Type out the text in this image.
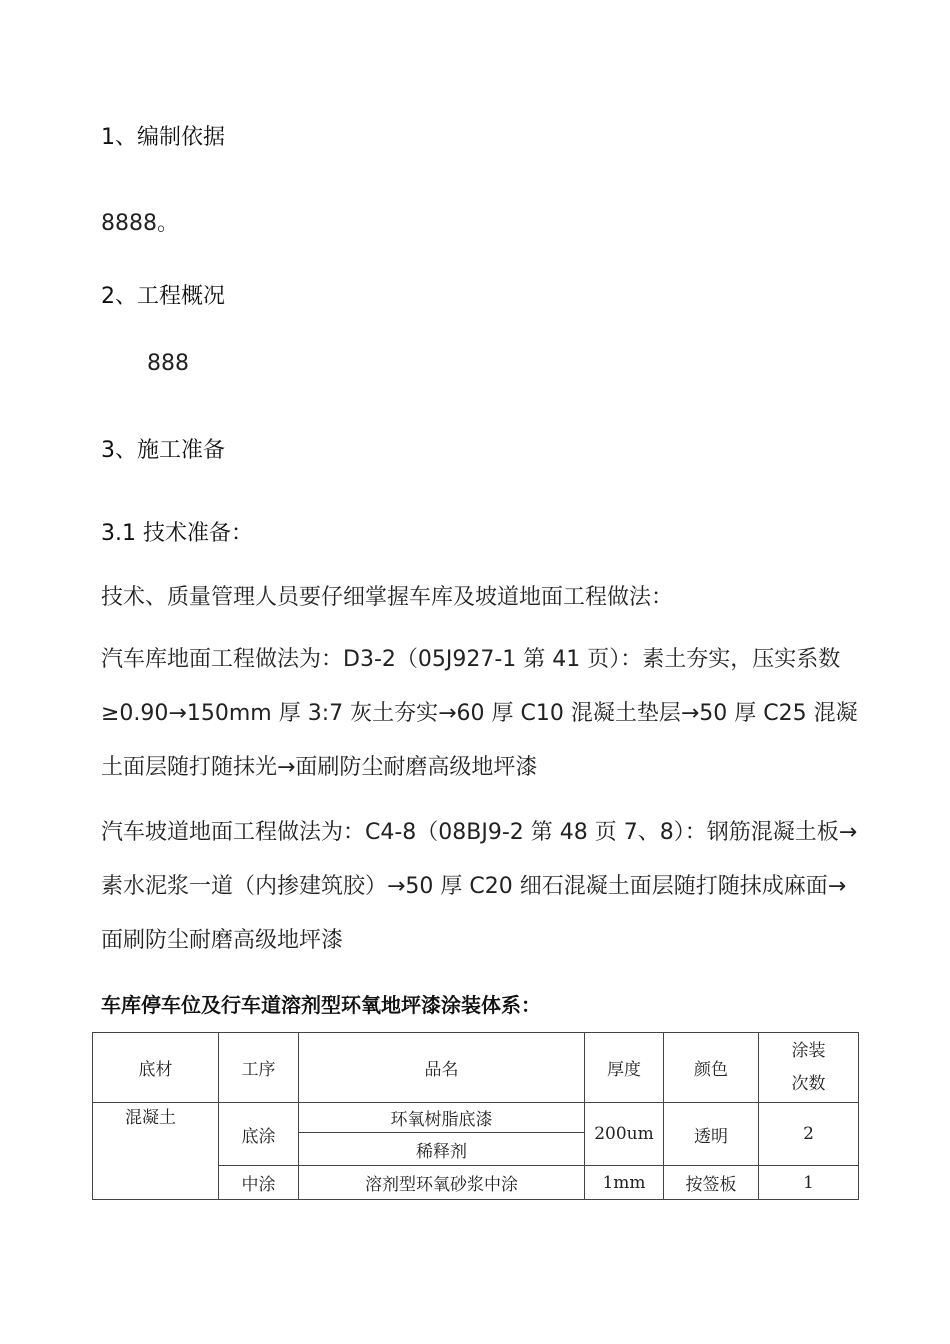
1、编制依据

8888。

2、工程概况

888

3、施工准备
3.1 技术准备：

技术、质量管理人员要仔细掌握车库及坡道地面工程做法：

汽车库地面工程做法为：D3-2（05J927-1 第 41 页）：素土夯实，压实系数≥0.90→150mm 厚 3:7 灰土夯实→60 厚 C10 混凝土垫层→50 厚 C25 混凝土面层随打随抹光→面刷防尘耐磨高级地坪漆

汽车坡道地面工程做法为：C4-8（08BJ9-2 第 48 页 7、8）：钢筋混凝土板→素水泥浆一道（内掺建筑胶）→50 厚 C20 细石混凝土面层随打随抹成麻面→面刷防尘耐磨高级地坪漆

车库停车位及行车道溶剂型环氧地坪漆涂装体系：

底材	工序	品名	厚度	颜色	涂装
次数

混凝土	底涂	环氧树脂底漆	200um	透明	2
		稀释剂			
	中涂	溶剂型环氧砂浆中涂	1mm	按签板	1
